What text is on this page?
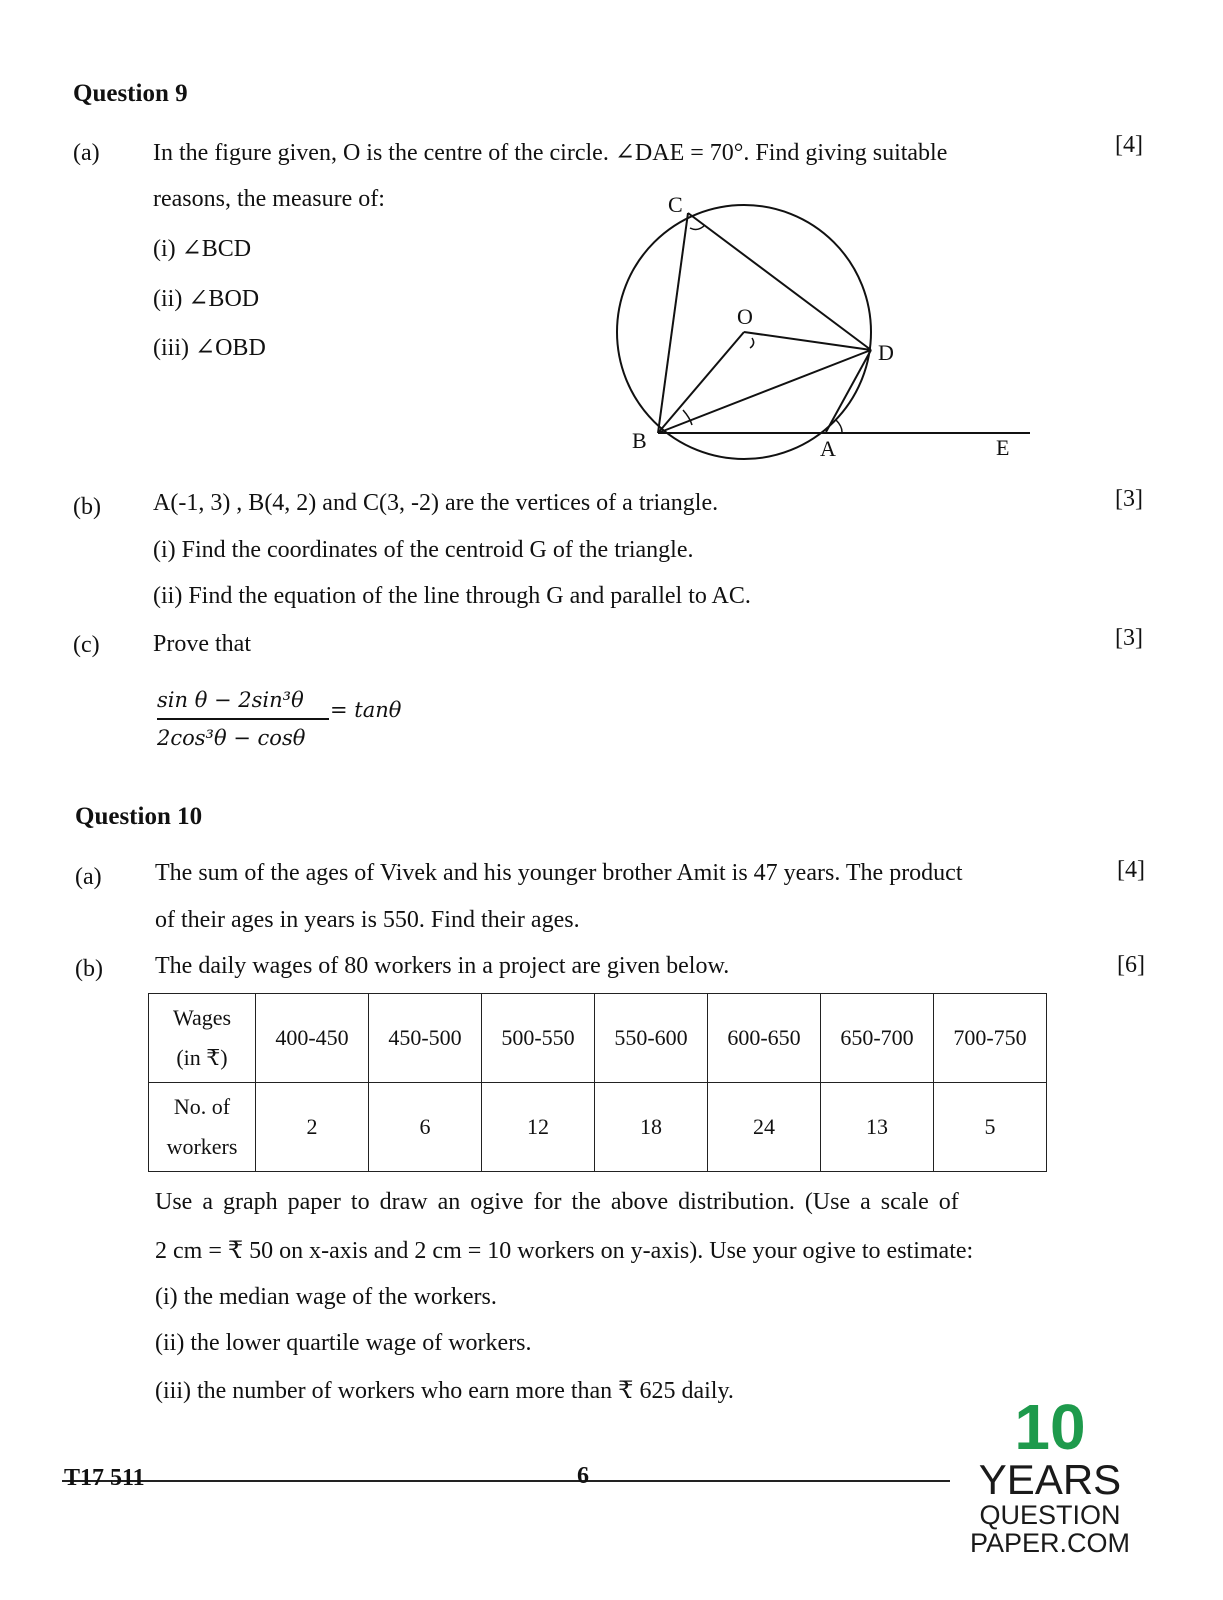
Question 9
(a) In the figure given, O is the centre of the circle. ∠DAE = 70°. Find giving suitable	[4]
reasons, the measure of:
(i) ∠BCD
(ii) ∠BOD
(iii) ∠OBD
C
O
D
B	A	E
(b) A(-1, 3) , B(4, 2) and C(3, -2) are the vertices of a triangle.	[3]
(i) Find the coordinates of the centroid G of the triangle.
(ii) Find the equation of the line through G and parallel to AC.
(c) Prove that	[3]
sin θ − 2sin³θ
2cos³θ − cosθ
= tanθ
Question 10
(a) The sum of the ages of Vivek and his younger brother Amit is 47 years. The product	[4]
of their ages in years is 550. Find their ages.
(b) The daily wages of 80 workers in a project are given below.	[6]
Wages
(in ₹)	400-450	450-500	500-550	550-600	600-650	650-700	700-750

No. of
workers	2	6	12	18	24	13	5
Use a graph paper to draw an ogive for the above distribution. (Use a scale of
2 cm = ₹ 50 on x-axis and 2 cm = 10 workers on y-axis). Use your ogive to estimate:
(i) the median wage of the workers.
(ii) the lower quartile wage of workers.
(iii) the number of workers who earn more than ₹ 625 daily.
T17 511	6
10
YEARS
QUESTION PAPER.COM
